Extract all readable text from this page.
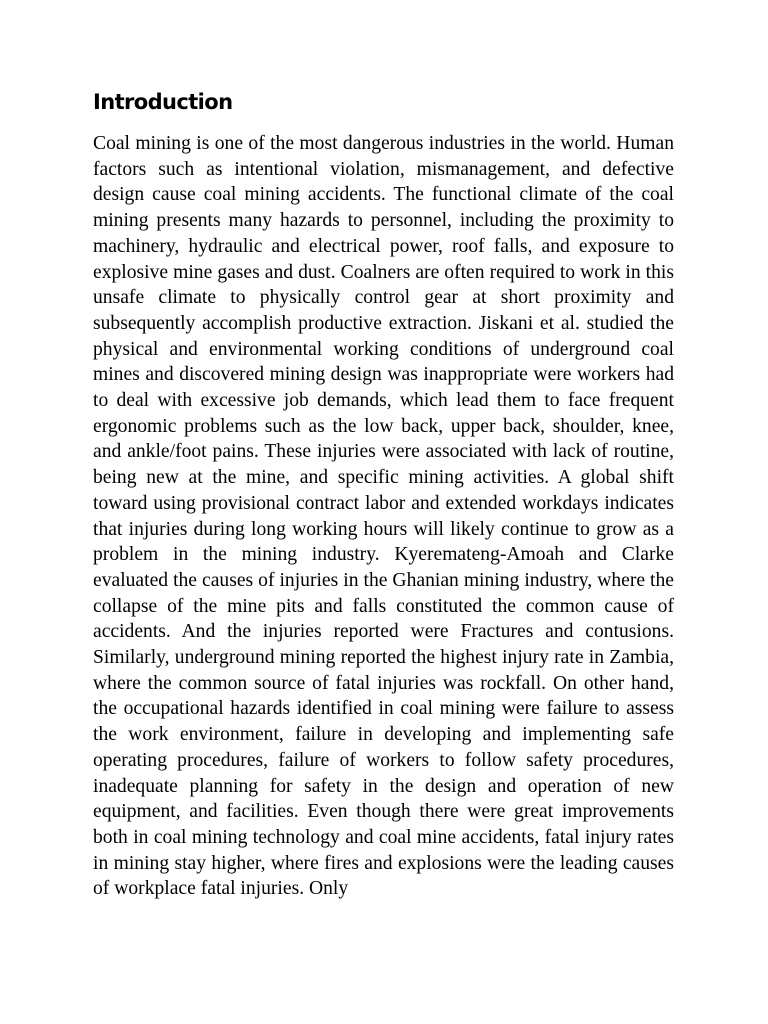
Introduction

Coal mining is one of the most dangerous industries in the world. Human factors such as intentional violation, mismanagement, and defective design cause coal mining accidents. The functional climate of the coal mining presents many hazards to personnel, including the proximity to machinery, hydraulic and electrical power, roof falls, and exposure to explosive mine gases and dust. Coalners are often required to work in this unsafe climate to physically control gear at short proximity and subsequently accomplish productive extraction. Jiskani et al. studied the physical and environmental working conditions of underground coal mines and discovered mining design was inappropriate were workers had to deal with excessive job demands, which lead them to face frequent ergonomic problems such as the low back, upper back, shoulder, knee, and ankle/foot pains. These injuries were associated with lack of routine, being new at the mine, and specific mining activities. A global shift toward using provisional contract labor and extended workdays indicates that injuries during long working hours will likely continue to grow as a problem in the mining industry. Kyeremateng-Amoah and Clarke evaluated the causes of injuries in the Ghanian mining industry, where the collapse of the mine pits and falls constituted the common cause of accidents. And the injuries reported were Fractures and contusions. Similarly, underground mining reported the highest injury rate in Zambia, where the common source of fatal injuries was rockfall. On other hand, the occupational hazards identified in coal mining were failure to assess the work environment, failure in developing and implementing safe operating procedures, failure of workers to follow safety procedures, inadequate planning for safety in the design and operation of new equipment, and facilities. Even though there were great improvements both in coal mining technology and coal mine accidents, fatal injury rates in mining stay higher, where fires and explosions were the leading causes of workplace fatal injuries. Only
